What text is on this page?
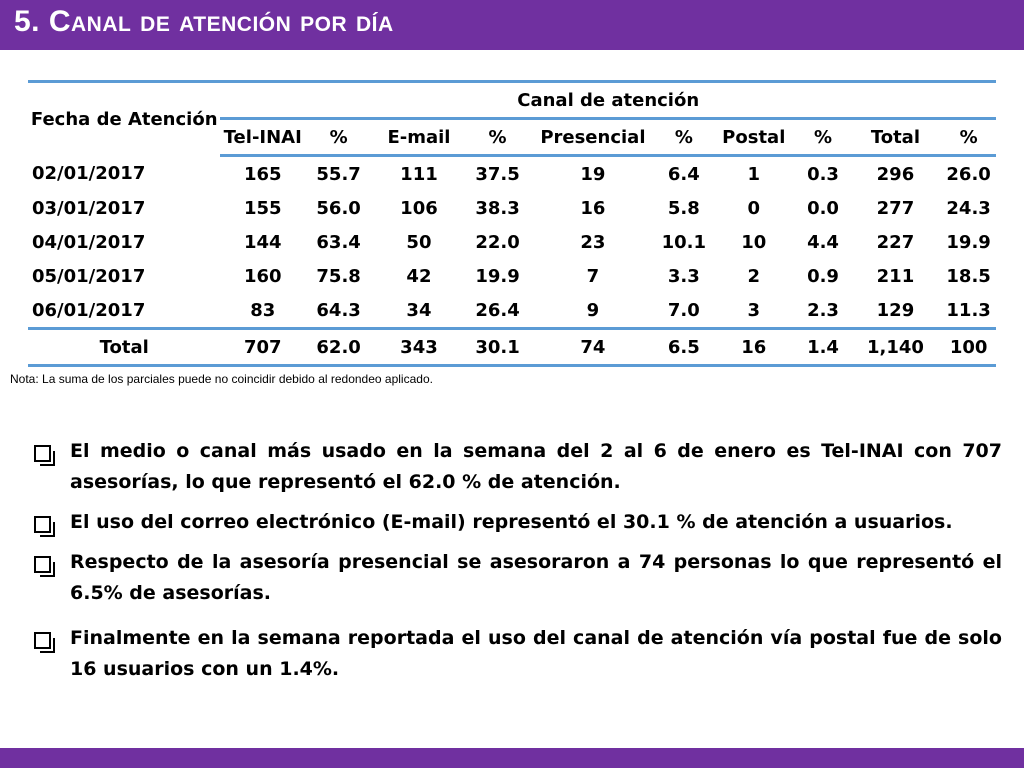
5. Canal de atención por día
Fecha de Atención	Canal de atención									
	Tel-INAI	%	E-mail	%	Presencial	%	Postal	%	Total	%
02/01/2017	165	55.7	111	37.5	19	6.4	1	0.3	296	26.0
03/01/2017	155	56.0	106	38.3	16	5.8	0	0.0	277	24.3
04/01/2017	144	63.4	50	22.0	23	10.1	10	4.4	227	19.9
05/01/2017	160	75.8	42	19.9	7	3.3	2	0.9	211	18.5
06/01/2017	83	64.3	34	26.4	9	7.0	3	2.3	129	11.3
Total	707	62.0	343	30.1	74	6.5	16	1.4	1,140	100
Nota: La suma de los parciales puede no coincidir debido al redondeo aplicado.
El medio o canal más usado en la semana del 2 al 6 de enero es Tel-INAI con 707 asesorías, lo que representó el 62.0 % de atención.
El uso del correo electrónico (E-mail) representó el 30.1 % de atención a usuarios.
Respecto de la asesoría presencial se asesoraron a 74 personas lo que representó el 6.5% de asesorías.
Finalmente en la semana reportada el uso del canal de atención vía postal fue de solo 16 usuarios con un 1.4%.
